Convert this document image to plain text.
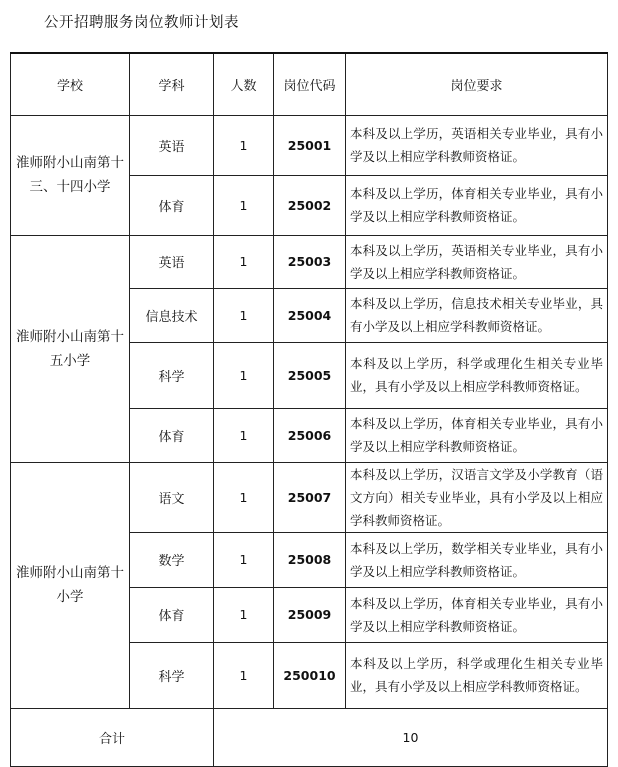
公开招聘服务岗位教师计划表
学校	学科	人数	岗位代码	岗位要求
淮师附小山南第十三、十四小学	英语	1	25001	本科及以上学历，英语相关专业毕业，具有小学及以上相应学科教师资格证。
	体育	1	25002	本科及以上学历，体育相关专业毕业，具有小学及以上相应学科教师资格证。
淮师附小山南第十五小学	英语	1	25003	本科及以上学历，英语相关专业毕业，具有小学及以上相应学科教师资格证。
	信息技术	1	25004	本科及以上学历，信息技术相关专业毕业，具有小学及以上相应学科教师资格证。
	科学	1	25005	本科及以上学历，科学或理化生相关专业毕业，具有小学及以上相应学科教师资格证。
	体育	1	25006	本科及以上学历，体育相关专业毕业，具有小学及以上相应学科教师资格证。
淮师附小山南第十小学	语文	1	25007	本科及以上学历，汉语言文学及小学教育（语文方向）相关专业毕业，具有小学及以上相应学科教师资格证。
	数学	1	25008	本科及以上学历，数学相关专业毕业，具有小学及以上相应学科教师资格证。
	体育	1	25009	本科及以上学历，体育相关专业毕业，具有小学及以上相应学科教师资格证。
	科学	1	250010	本科及以上学历，科学或理化生相关专业毕业，具有小学及以上相应学科教师资格证。
合计		10		
